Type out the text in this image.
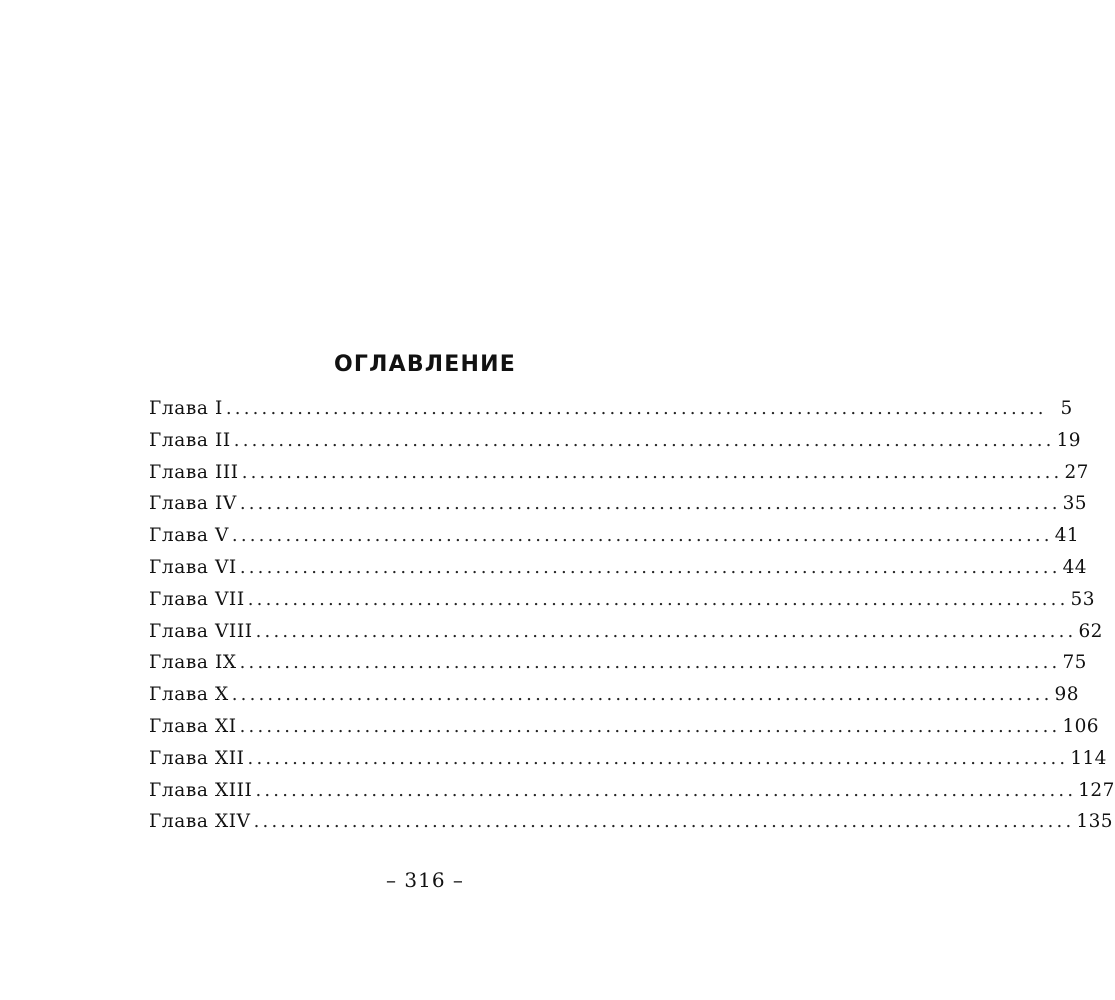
ОГЛАВЛЕНИЕ
Глава I ............................................................................................ 5
Глава II ............................................................................................ 19
Глава III ............................................................................................ 27
Глава IV ............................................................................................ 35
Глава V ............................................................................................ 41
Глава VI ............................................................................................ 44
Глава VII ............................................................................................ 53
Глава VIII ............................................................................................ 62
Глава IX ............................................................................................ 75
Глава X ............................................................................................ 98
Глава XI ............................................................................................ 106
Глава XII ............................................................................................ 114
Глава XIII ............................................................................................ 127
Глава XIV ............................................................................................ 135
– 316 –
